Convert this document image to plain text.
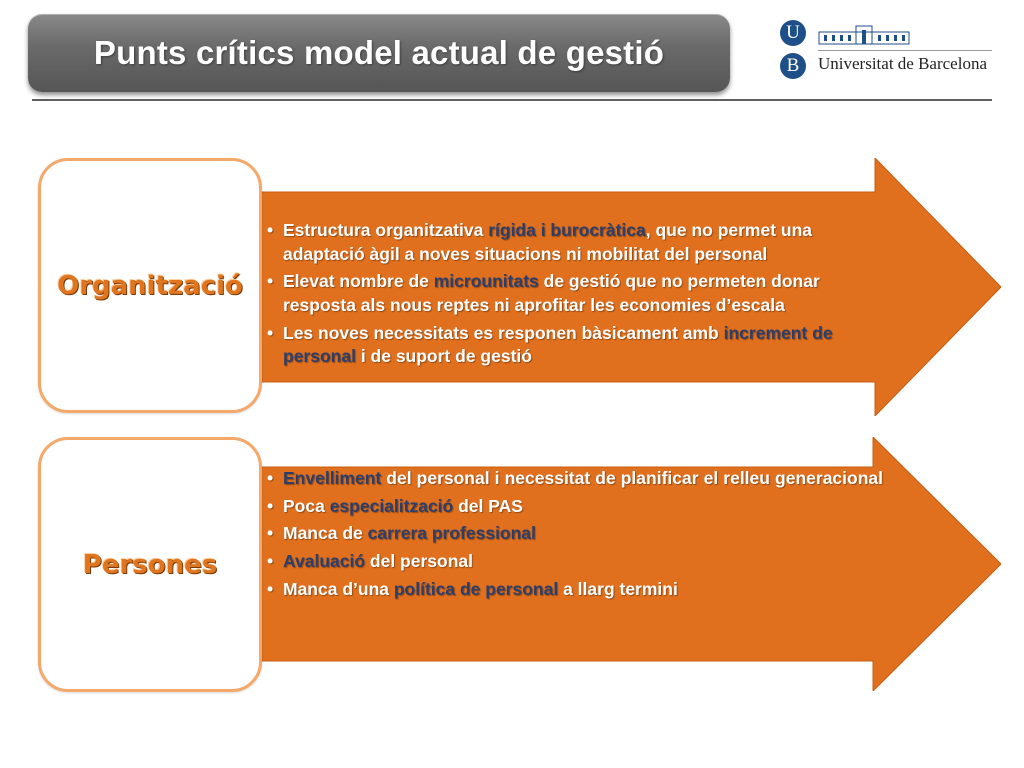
Punts crítics model actual de gestió
U
B	Universitat de Barcelona
• Estructura organitzativa rígida i burocràtica, que no permet una adaptació àgil a noves situacions ni mobilitat del personal
• Elevat nombre de microunitats de gestió que no permeten donar resposta als nous reptes ni aprofitar les economies d’escala
• Les noves necessitats es responen bàsicament amb increment de personal i de suport de gestió
• Envelliment del personal i necessitat de planificar el relleu generacional
• Poca especialització del PAS
• Manca de carrera professional
• Avaluació del personal
• Manca d’una política de personal a llarg termini
Organització
Persones
